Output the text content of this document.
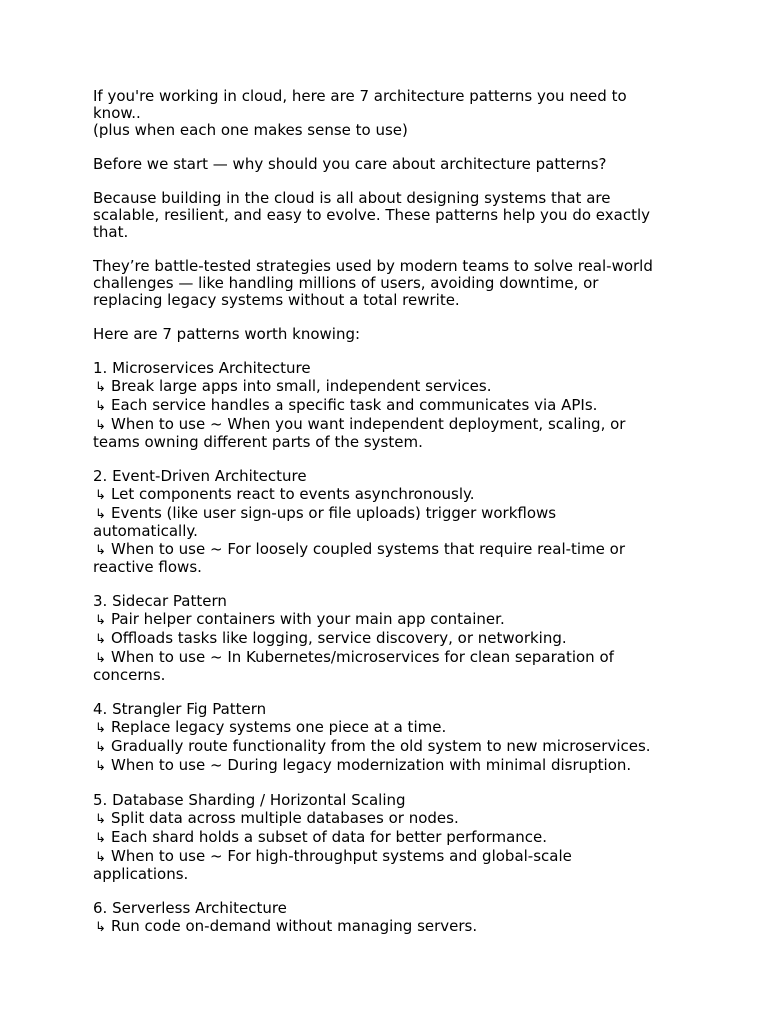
If you're working in cloud, here are 7 architecture patterns you need to
know..
(plus when each one makes sense to use)
Before we start — why should you care about architecture patterns?
Because building in the cloud is all about designing systems that are
scalable, resilient, and easy to evolve. These patterns help you do exactly
that.
They’re battle-tested strategies used by modern teams to solve real-world
challenges — like handling millions of users, avoiding downtime, or
replacing legacy systems without a total rewrite.
Here are 7 patterns worth knowing:
1. Microservices Architecture
↳ Break large apps into small, independent services.
↳ Each service handles a specific task and communicates via APIs.
↳ When to use ~ When you want independent deployment, scaling, or
teams owning different parts of the system.
2. Event-Driven Architecture
↳ Let components react to events asynchronously.
↳ Events (like user sign-ups or file uploads) trigger workflows
automatically.
↳ When to use ~ For loosely coupled systems that require real-time or
reactive flows.
3. Sidecar Pattern
↳ Pair helper containers with your main app container.
↳ Offloads tasks like logging, service discovery, or networking.
↳ When to use ~ In Kubernetes/microservices for clean separation of
concerns.
4. Strangler Fig Pattern
↳ Replace legacy systems one piece at a time.
↳ Gradually route functionality from the old system to new microservices.
↳ When to use ~ During legacy modernization with minimal disruption.
5. Database Sharding / Horizontal Scaling
↳ Split data across multiple databases or nodes.
↳ Each shard holds a subset of data for better performance.
↳ When to use ~ For high-throughput systems and global-scale
applications.
6. Serverless Architecture
↳ Run code on-demand without managing servers.
